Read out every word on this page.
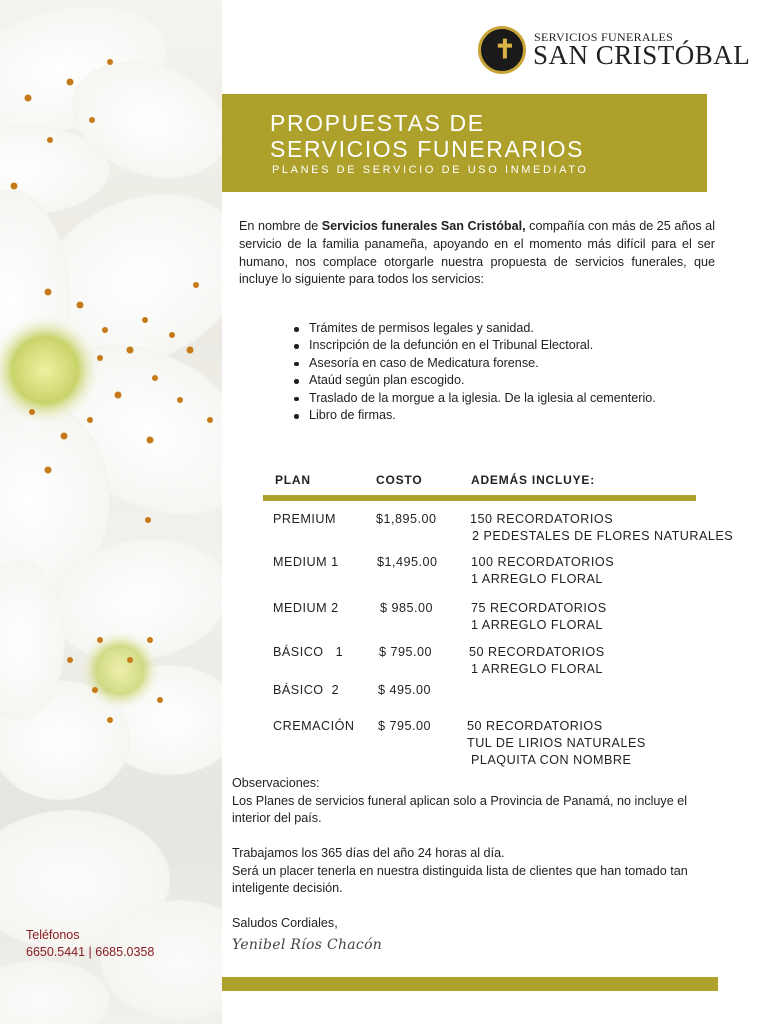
Teléfonos
6650.5441 | 6685.0358
✝ SERVICIOS FUNERALES
SAN CRISTÓBAL
PROPUESTAS DE
SERVICIOS FUNERARIOS
PLANES DE SERVICIO DE USO INMEDIATO
En nombre de Servicios funerales San Cristóbal, compañía con más de 25 años al servicio de la familia panameña, apoyando en el momento más difícil para el ser humano, nos complace otorgarle nuestra propuesta de servicios funerales, que incluye lo siguiente para todos los servicios:
Trámites de permisos legales y sanidad.
Inscripción de la defunción en el Tribunal Electoral.
Asesoría en caso de Medicatura forense.
Ataúd según plan escogido.
Traslado de la morgue a la iglesia. De la iglesia al cementerio.
Libro de firmas.
PLAN	COSTO	ADEMÁS INCLUYE:
PREMIUM	$1,895.00	150 RECORDATORIOS
2 PEDESTALES DE FLORES NATURALES
MEDIUM 1	$1,495.00	100 RECORDATORIOS
1 ARREGLO FLORAL
MEDIUM 2	$ 985.00	75 RECORDATORIOS
1 ARREGLO FLORAL
BÁSICO   1	$ 795.00	50 RECORDATORIOS
1 ARREGLO FLORAL
BÁSICO  2	$ 495.00
CREMACIÓN $ 795.00	50 RECORDATORIOS
TUL DE LIRIOS NATURALES
PLAQUITA CON NOMBRE

Observaciones:

Los Planes de servicios funeral aplican solo a Provincia de Panamá, no incluye el interior del país.

Trabajamos los 365 días del año 24 horas al día.

Será un placer tenerla en nuestra distinguida lista de clientes que han tomado tan inteligente decisión.

Saludos Cordiales,

Yenibel Ríos Chacón
